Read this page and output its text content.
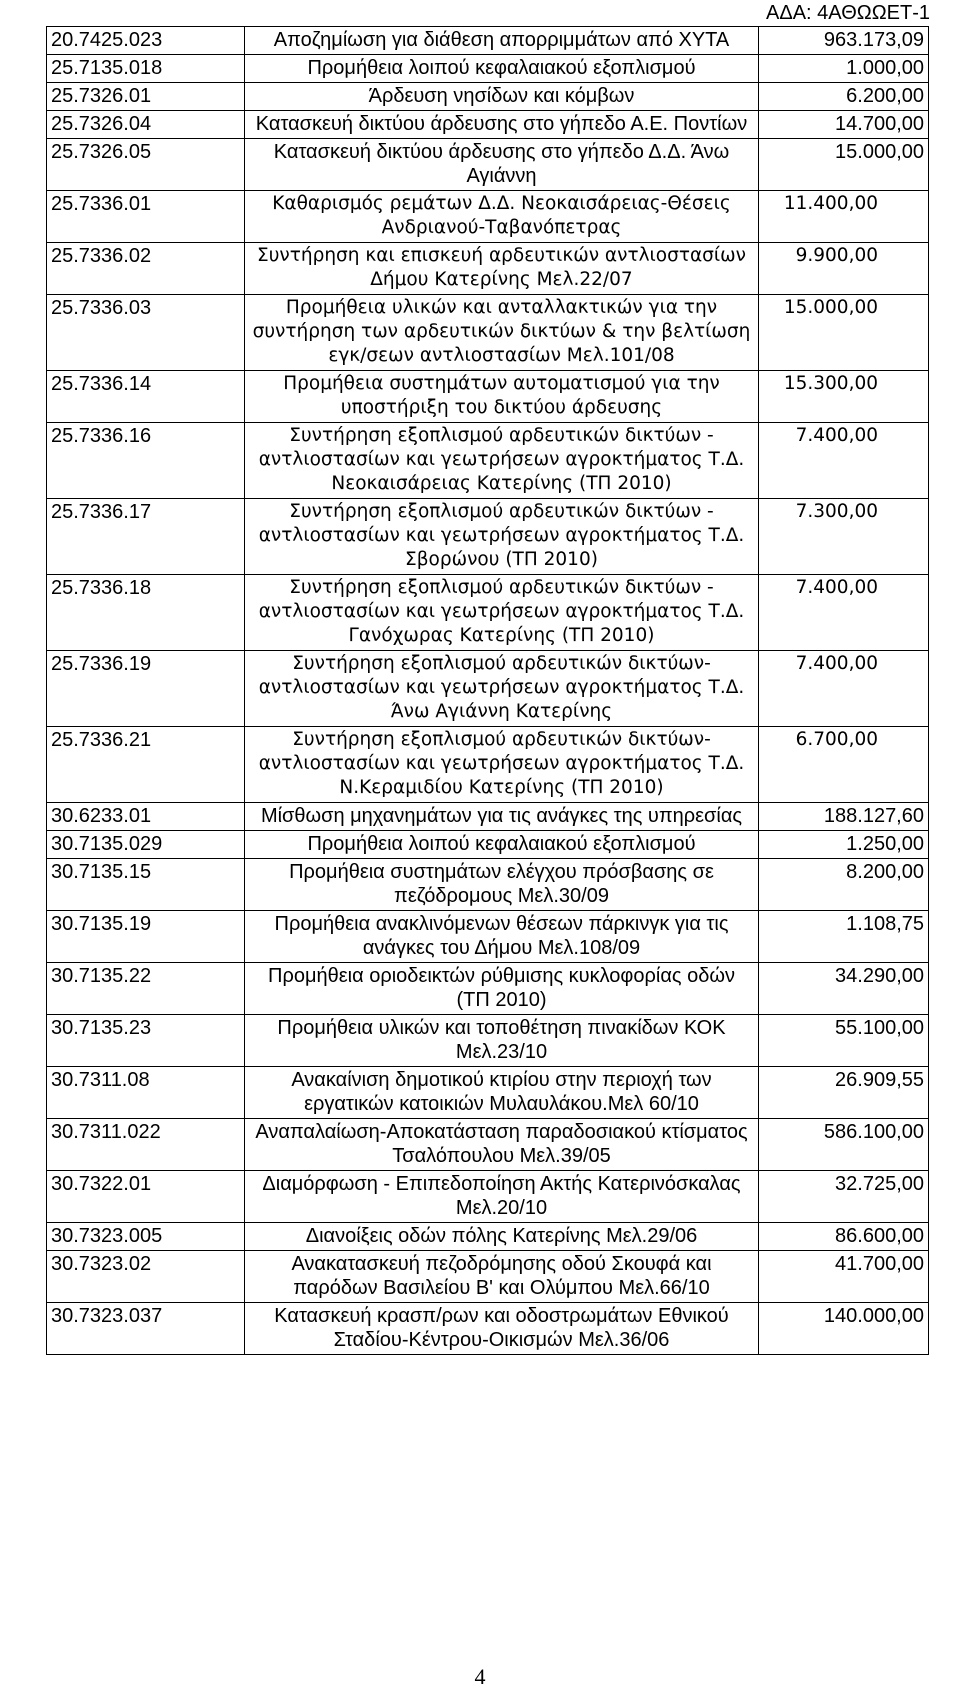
ΑΔΑ: 4ΑΘΩΩΕΤ-1
20.7425.023	Αποζημίωση για διάθεση απορριμμάτων από ΧΥΤΑ	963.173,09
25.7135.018	Προμήθεια λοιπού κεφαλαιακού εξοπλισμού	1.000,00
25.7326.01	Άρδευση νησίδων και κόμβων	6.200,00
25.7326.04	Κατασκευή δικτύου άρδευσης στο γήπεδο Α.Ε. Ποντίων	14.700,00
25.7326.05	Κατασκευή δικτύου άρδευσης στο γήπεδο Δ.Δ. Άνω Αγιάννη	15.000,00
25.7336.01	Καθαρισμός ρεμάτων Δ.Δ. Νεοκαισάρειας-Θέσεις Ανδριανού-Ταβανόπετρας	11.400,00
25.7336.02	Συντήρηση και επισκευή αρδευτικών αντλιοστασίων Δήμου Κατερίνης Μελ.22/07	9.900,00
25.7336.03	Προμήθεια υλικών και ανταλλακτικών για την συντήρηση των αρδευτικών δικτύων & την βελτίωση εγκ/σεων αντλιοστασίων Μελ.101/08	15.000,00
25.7336.14	Προμήθεια συστημάτων αυτοματισμού για την υποστήριξη του δικτύου άρδευσης	15.300,00
25.7336.16	Συντήρηση εξοπλισμού αρδευτικών δικτύων - αντλιοστασίων και γεωτρήσεων αγροκτήματος Τ.Δ. Νεοκαισάρειας Κατερίνης (ΤΠ 2010)	7.400,00
25.7336.17	Συντήρηση εξοπλισμού αρδευτικών δικτύων - αντλιοστασίων και γεωτρήσεων αγροκτήματος Τ.Δ. Σβορώνου (ΤΠ 2010)	7.300,00
25.7336.18	Συντήρηση εξοπλισμού αρδευτικών δικτύων - αντλιοστασίων και γεωτρήσεων αγροκτήματος Τ.Δ. Γανόχωρας Κατερίνης (ΤΠ 2010)	7.400,00
25.7336.19	Συντήρηση εξοπλισμού αρδευτικών δικτύων-αντλιοστασίων και γεωτρήσεων αγροκτήματος Τ.Δ. Άνω Αγιάννη Κατερίνης	7.400,00
25.7336.21	Συντήρηση εξοπλισμού αρδευτικών δικτύων-αντλιοστασίων και γεωτρήσεων αγροκτήματος Τ.Δ. Ν.Κεραμιδίου Κατερίνης (ΤΠ 2010)	6.700,00
30.6233.01	Μίσθωση μηχανημάτων για τις ανάγκες της υπηρεσίας	188.127,60
30.7135.029	Προμήθεια λοιπού κεφαλαιακού εξοπλισμού	1.250,00
30.7135.15	Προμήθεια συστημάτων ελέγχου πρόσβασης σε πεζόδρομους Μελ.30/09	8.200,00
30.7135.19	Προμήθεια ανακλινόμενων θέσεων πάρκινγκ για τις ανάγκες του Δήμου Μελ.108/09	1.108,75
30.7135.22	Προμήθεια οριοδεικτών ρύθμισης κυκλοφορίας οδών (ΤΠ 2010)	34.290,00
30.7135.23	Προμήθεια υλικών και τοποθέτηση πινακίδων ΚΟΚ Μελ.23/10	55.100,00
30.7311.08	Ανακαίνιση δημοτικού κτιρίου στην περιοχή των εργατικών κατοικιών Μυλαυλάκου.Μελ 60/10	26.909,55
30.7311.022	Αναπαλαίωση-Αποκατάσταση παραδοσιακού κτίσματος Τσαλόπουλου Μελ.39/05	586.100,00
30.7322.01	Διαμόρφωση - Επιπεδοποίηση Ακτής Κατερινόσκαλας Μελ.20/10	32.725,00
30.7323.005	Διανοίξεις οδών πόλης Κατερίνης Μελ.29/06	86.600,00
30.7323.02	Ανακατασκευή πεζοδρόμησης οδού Σκουφά και παρόδων Βασιλείου Β' και Ολύμπου Μελ.66/10	41.700,00
30.7323.037	Κατασκευή κρασπ/ρων και οδοστρωμάτων Εθνικού Σταδίου-Κέντρου-Οικισμών Μελ.36/06	140.000,00
4
